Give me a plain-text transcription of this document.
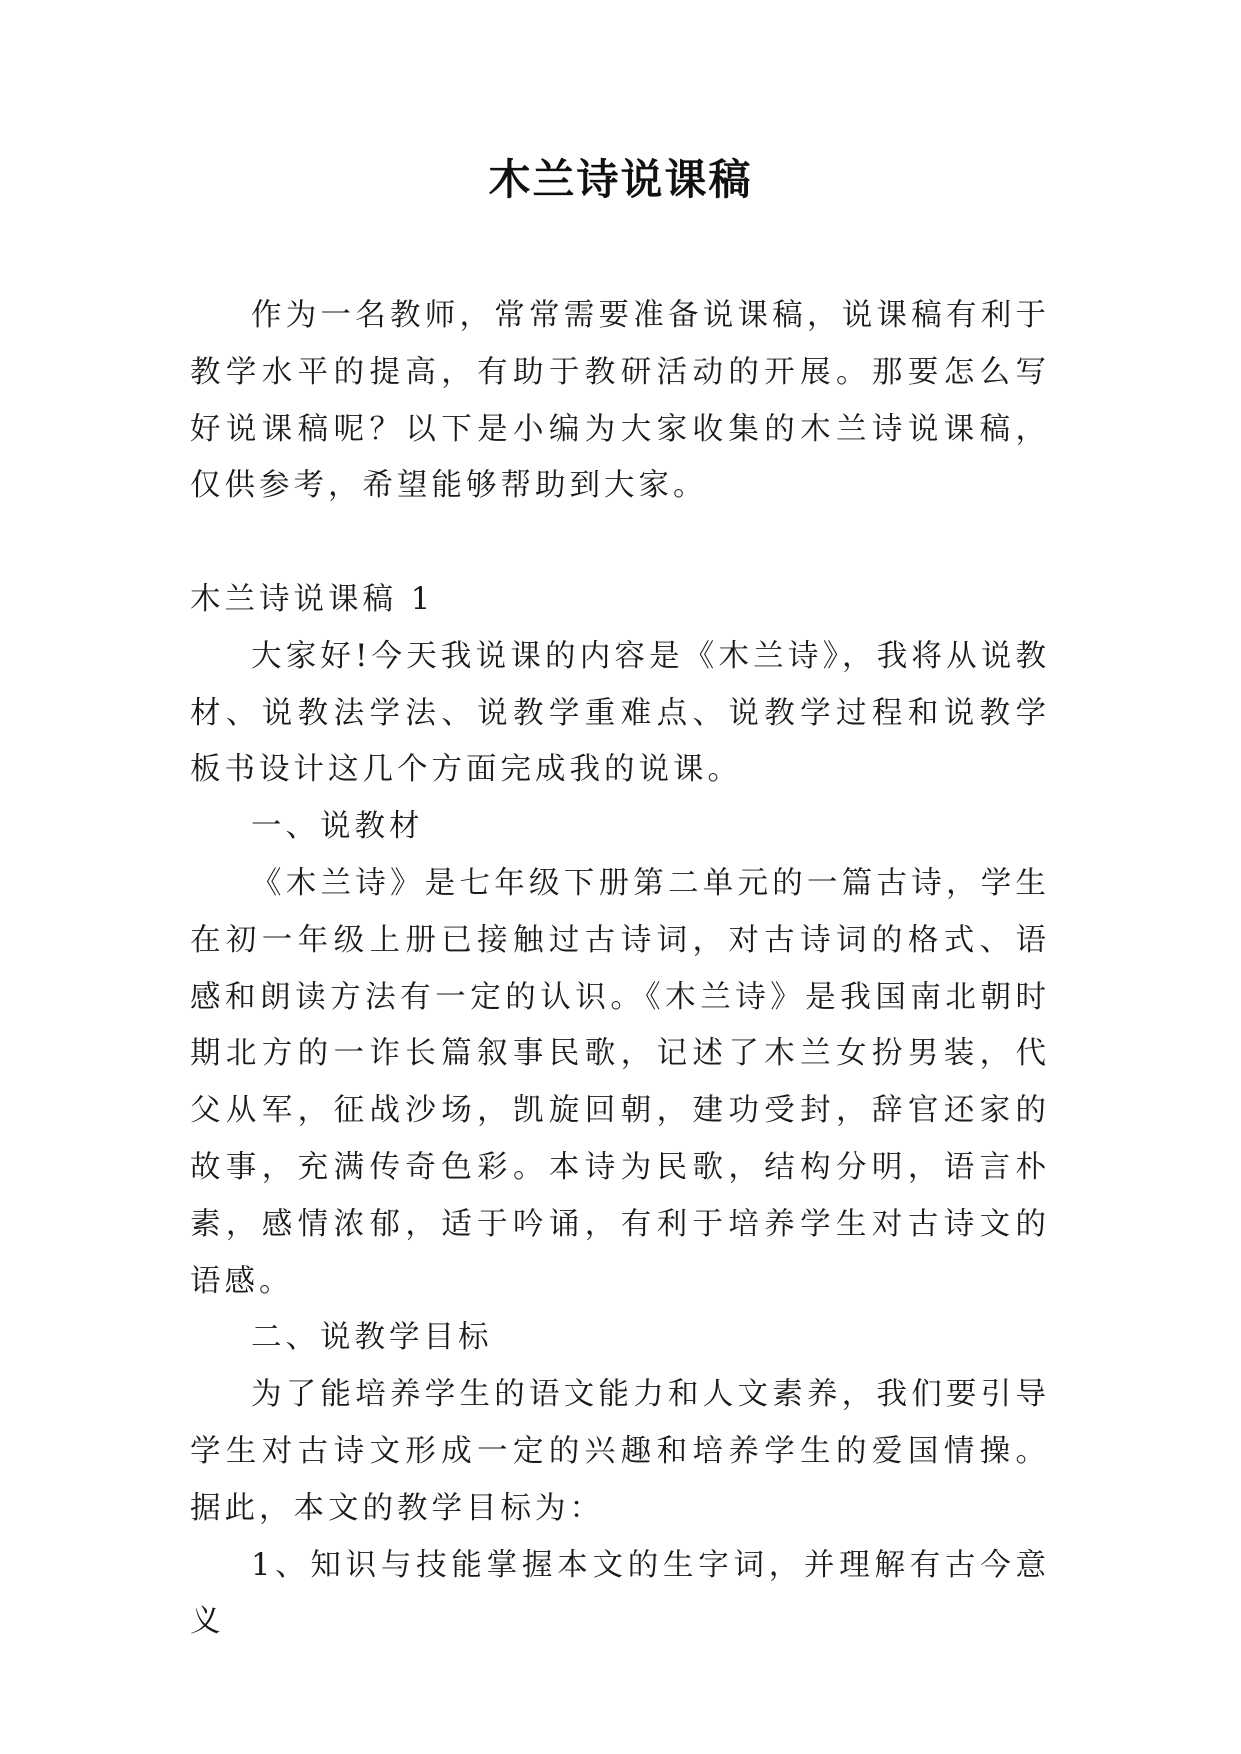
木兰诗说课稿

作为一名教师，常常需要准备说课稿，说课稿有利于教学水平的提高，有助于教研活动的开展。那要怎么写好说课稿呢？以下是小编为大家收集的木兰诗说课稿，仅供参考，希望能够帮助到大家。

木兰诗说课稿 1

大家好!今天我说课的内容是《木兰诗》，我将从说教材、说教法学法、说教学重难点、说教学过程和说教学板书设计这几个方面完成我的说课。

一、说教材

《木兰诗》是七年级下册第二单元的一篇古诗，学生在初一年级上册已接触过古诗词，对古诗词的格式、语感和朗读方法有一定的认识。《木兰诗》是我国南北朝时期北方的一诈长篇叙事民歌，记述了木兰女扮男装，代父从军，征战沙场，凯旋回朝，建功受封，辞官还家的故事，充满传奇色彩。本诗为民歌，结构分明，语言朴素，感情浓郁，适于吟诵，有利于培养学生对古诗文的语感。

二、说教学目标

为了能培养学生的语文能力和人文素养，我们要引导学生对古诗文形成一定的兴趣和培养学生的爱国情操。据此，本文的教学目标为：

1、知识与技能掌握本文的生字词，并理解有古今意义
